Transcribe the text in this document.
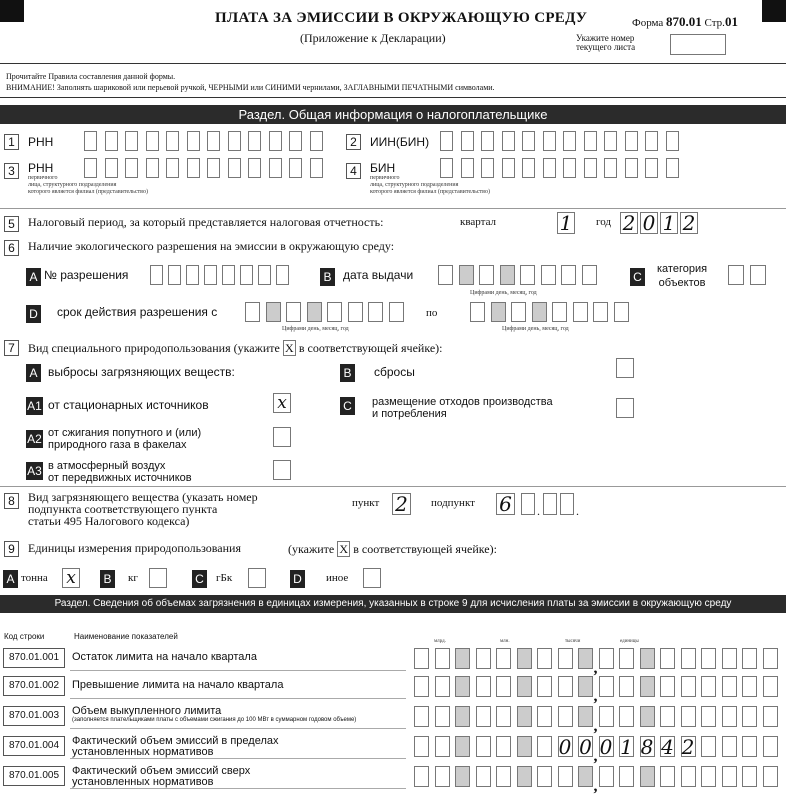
ПЛАТА ЗА ЭМИССИИ В ОКРУЖАЮЩУЮ СРЕДУ
(Приложение к Декларации)
Форма 870.01 Стр.01
Укажите номер
текущего листа
Прочитайте Правила составления данной формы.
ВНИМАНИЕ! Заполнять шариковой или перьевой ручкой, ЧЕРНЫМИ или СИНИМИ чернилами, ЗАГЛАВНЫМИ ПЕЧАТНЫМИ символами.
Раздел. Общая информация о налогоплательщике
1	РНН	2	ИИН(БИН)
3	РНН
первичного
лица, структурного подразделения
которого является филиал (представительство)
4	БИН
первичного
лица, структурного подразделения
которого является филиал (представительство)
5	Налоговый период, за который представляется налоговая отчетность:	квартал	1 год 2 0 1 2
6	Наличие экологического разрешения на эмиссии в окружающую среду:
A № разрешения	B дата выдачи
Цифрами день, месяц, год
C
категория
объектов
D срок действия разрешения с
Цифрами день, месяц, год
по
Цифрами день, месяц, год
7	Вид специального природопользования (укажите X в соответствующей ячейке):
A выбросы загрязняющих веществ:	B сбросы
A1 от стационарных источников	x	C размещение отходов производства
и потребления
A2 от сжигания попутного и (или)
природного газа в факелах
A3 в атмосферный воздух
от передвижных источников
8	Вид загрязняющего вещества (указать номер
подпункта соответствующего пункта
статьи 495 Налогового кодекса)
пункт 2 подпункт 6 .	.
9	Единицы измерения природопользования	(укажите X в соответствующей ячейке):
A тонна x	B	кг	C гБк	D иное
Раздел. Сведения об объемах загрязнения в единицах измерения, указанных в строке 9 для исчисления платы за эмиссии в окружающую среду
Код строки	Наименование показателей
млрд.	млн.	тысячи	единицы
870.01.001	Остаток лимита на начало квартала
,
870.01.002	Превышение лимита на начало квартала
,
870.01.003	Объем выкупленного лимита
(заполняется плательщиками платы с объемами сжигания до 100 МВт в суммарном годовом объеме)	,
870.01.004	Фактический объем эмиссий в пределах
установленных нормативов	0 0 0 1 8 4 2
,
870.01.005	Фактический объем эмиссий сверх
установленных нормативов	,
